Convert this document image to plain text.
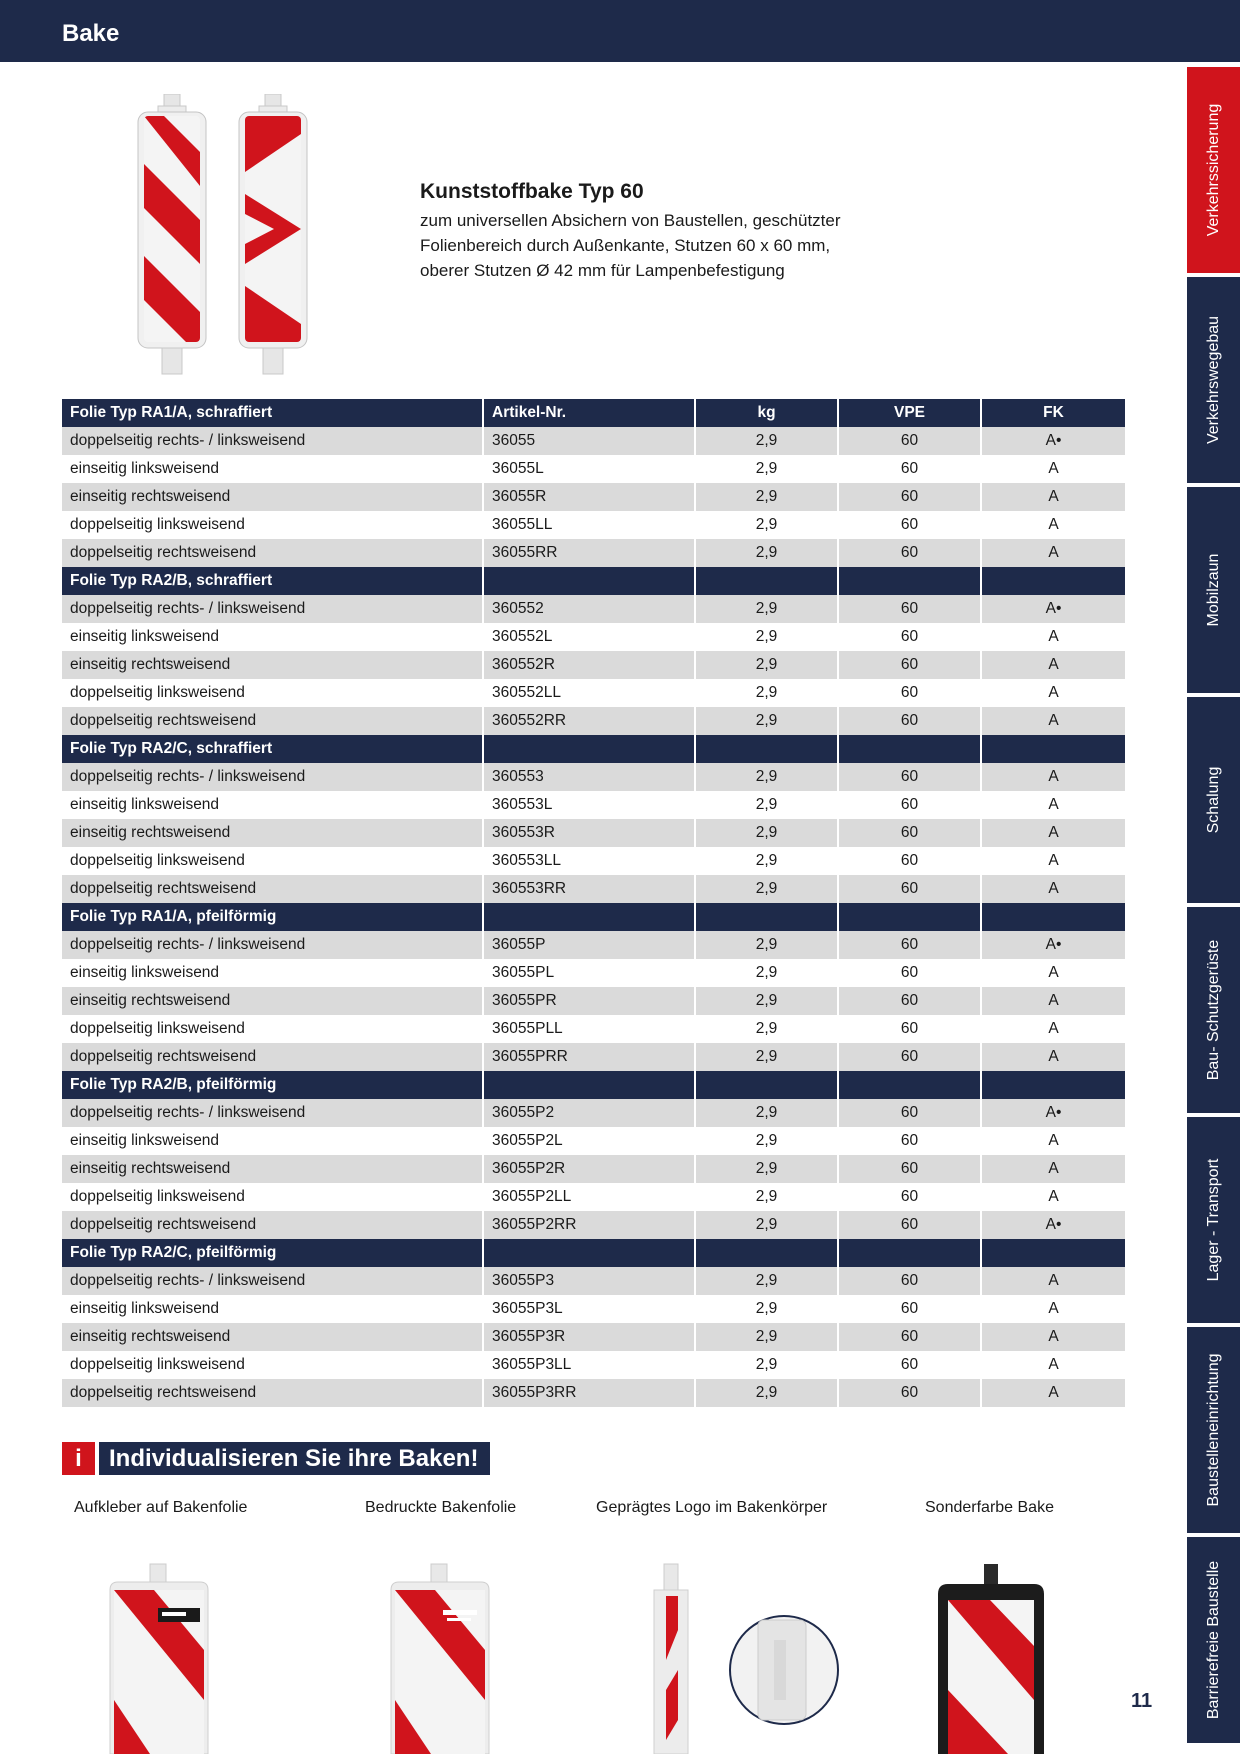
Bake
Verkehrssicherung
Verkehrswegebau
Mobilzaun
Schalung
Bau- Schutzgerüste
Lager - Transport
Baustelleneinrichtung
Barrierefreie Baustelle
Kunststoffbake Typ 60

zum universellen Absichern von Baustellen, geschützter
Folienbereich durch Außenkante, Stutzen 60 x 60 mm,
oberer Stutzen Ø 42 mm für Lampenbefestigung

Folie Typ RA1/A, schraffiert	Artikel-Nr.	kg	VPE	FK
doppelseitig rechts- / linksweisend	36055	2,9	60	A•
einseitig linksweisend	36055L	2,9	60	A
einseitig rechtsweisend	36055R	2,9	60	A
doppelseitig linksweisend	36055LL	2,9	60	A
doppelseitig rechtsweisend	36055RR	2,9	60	A
Folie Typ RA2/B, schraffiert				
doppelseitig rechts- / linksweisend	360552	2,9	60	A•
einseitig linksweisend	360552L	2,9	60	A
einseitig rechtsweisend	360552R	2,9	60	A
doppelseitig linksweisend	360552LL	2,9	60	A
doppelseitig rechtsweisend	360552RR	2,9	60	A
Folie Typ RA2/C, schraffiert				
doppelseitig rechts- / linksweisend	360553	2,9	60	A
einseitig linksweisend	360553L	2,9	60	A
einseitig rechtsweisend	360553R	2,9	60	A
doppelseitig linksweisend	360553LL	2,9	60	A
doppelseitig rechtsweisend	360553RR	2,9	60	A
Folie Typ RA1/A, pfeilförmig				
doppelseitig rechts- / linksweisend	36055P	2,9	60	A•
einseitig linksweisend	36055PL	2,9	60	A
einseitig rechtsweisend	36055PR	2,9	60	A
doppelseitig linksweisend	36055PLL	2,9	60	A
doppelseitig rechtsweisend	36055PRR	2,9	60	A
Folie Typ RA2/B, pfeilförmig				
doppelseitig rechts- / linksweisend	36055P2	2,9	60	A•
einseitig linksweisend	36055P2L	2,9	60	A
einseitig rechtsweisend	36055P2R	2,9	60	A
doppelseitig linksweisend	36055P2LL	2,9	60	A
doppelseitig rechtsweisend	36055P2RR	2,9	60	A•
Folie Typ RA2/C, pfeilförmig				
doppelseitig rechts- / linksweisend	36055P3	2,9	60	A
einseitig linksweisend	36055P3L	2,9	60	A
einseitig rechtsweisend	36055P3R	2,9	60	A
doppelseitig linksweisend	36055P3LL	2,9	60	A
doppelseitig rechtsweisend	36055P3RR	2,9	60	A
i	Individualisieren Sie ihre Baken!
Aufkleber auf Bakenfolie	Bedruckte Bakenfolie	Geprägtes Logo im Bakenkörper	Sonderfarbe Bake
11
